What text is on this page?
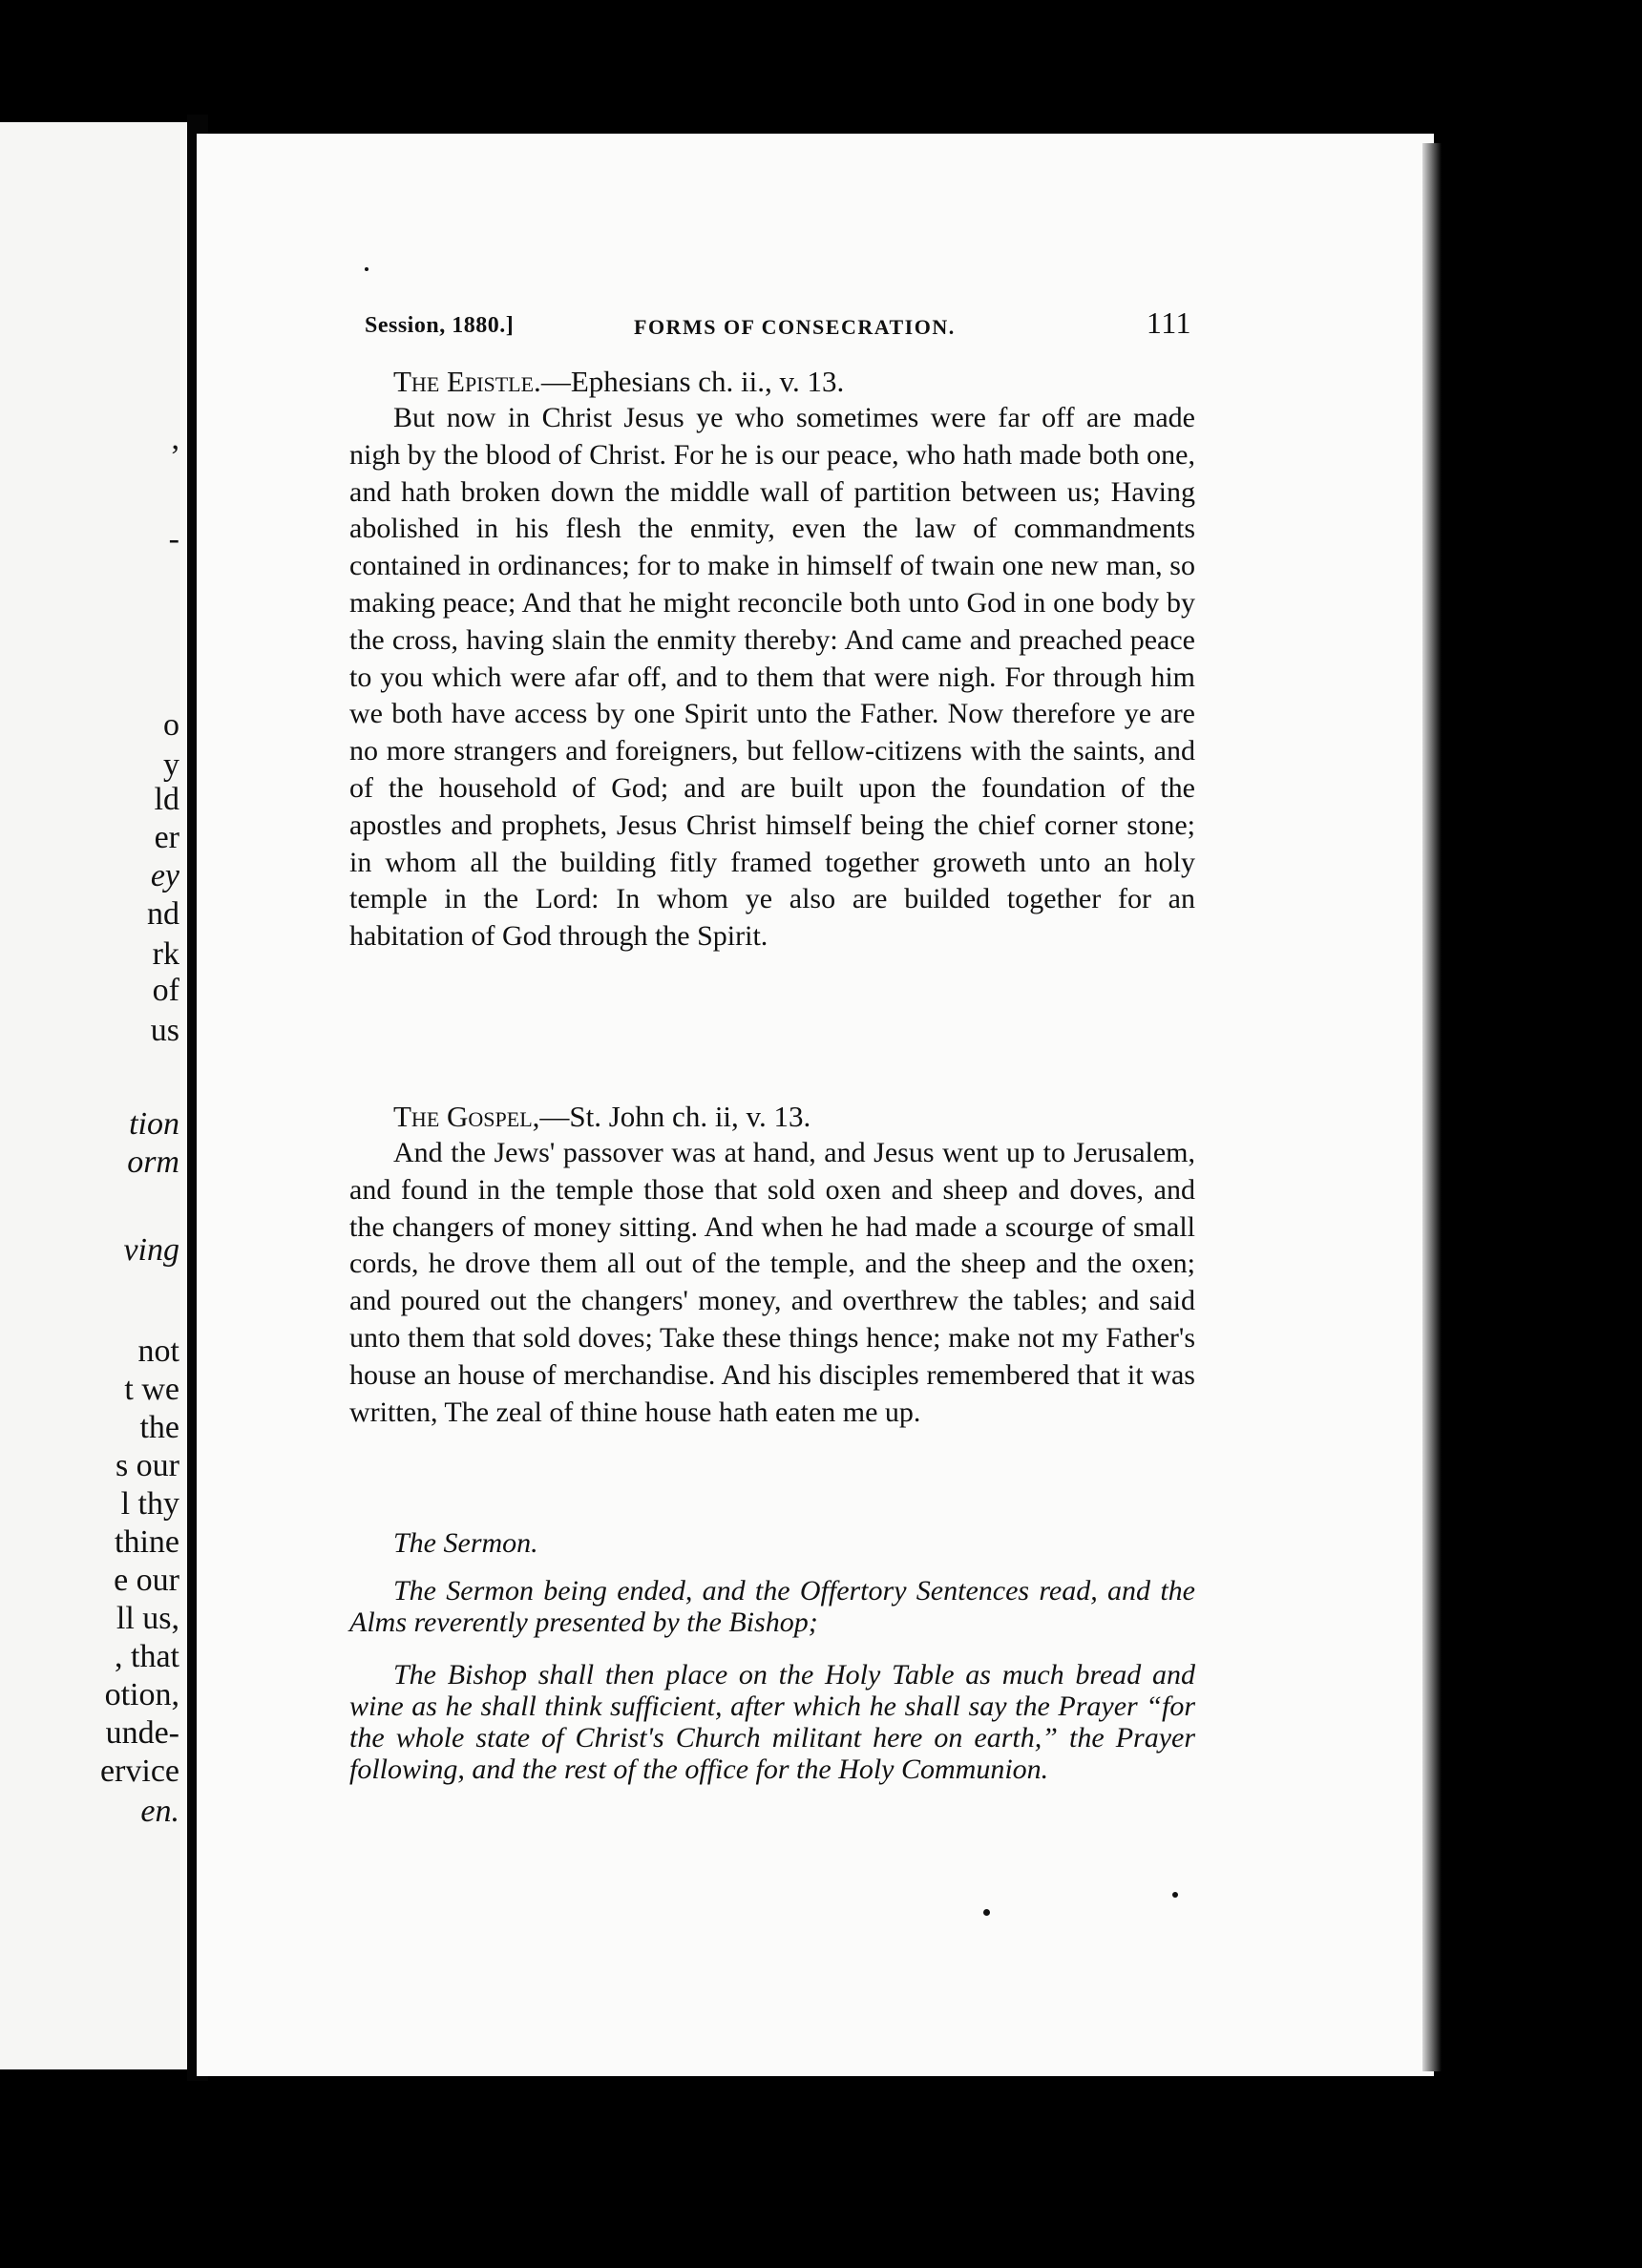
,
-
o
y
ld
er
ey
nd
rk
of
us
tion
orm
ving
not
t we
the
s our
l thy
thine
e our
ll us,
, that
otion,
unde-
ervice
en.
Session, 1880.]	FORMS OF CONSECRATION.	111
The Epistle.—Ephesians ch. ii., v. 13.

But now in Christ Jesus ye who sometimes were far off are made nigh by the blood of Christ. For he is our peace, who hath made both one, and hath broken down the middle wall of partition between us; Having abolished in his flesh the enmity, even the law of commandments contained in ordinances; for to make in himself of twain one new man, so making peace; And that he might reconcile both unto God in one body by the cross, having slain the enmity thereby: And came and preached peace to you which were afar off, and to them that were nigh. For through him we both have access by one Spirit unto the Father. Now therefore ye are no more strangers and foreigners, but fellow-citizens with the saints, and of the household of God; and are built upon the foundation of the apostles and prophets, Jesus Christ himself being the chief corner stone; in whom all the building fitly framed together groweth unto an holy temple in the Lord: In whom ye also are builded together for an habitation of God through the Spirit.

The Gospel,—St. John ch. ii, v. 13.

And the Jews' passover was at hand, and Jesus went up to Jerusalem, and found in the temple those that sold oxen and sheep and doves, and the changers of money sitting. And when he had made a scourge of small cords, he drove them all out of the temple, and the sheep and the oxen; and poured out the changers' money, and overthrew the tables; and said unto them that sold doves; Take these things hence; make not my Father's house an house of merchandise. And his disciples remembered that it was written, The zeal of thine house hath eaten me up.

The Sermon.

The Sermon being ended, and the Offertory Sentences read, and the Alms reverently presented by the Bishop;

The Bishop shall then place on the Holy Table as much bread and wine as he shall think sufficient, after which he shall say the Prayer “for the whole state of Christ's Church militant here on earth,” the Prayer following, and the rest of the office for the Holy Communion.
